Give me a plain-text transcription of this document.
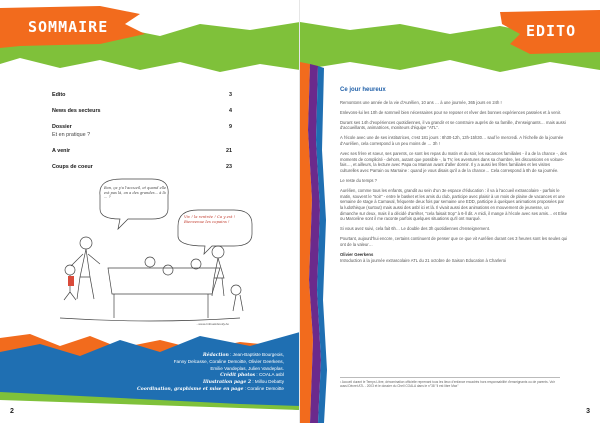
SOMMAIRE
Edito	3
News des secteurs	4
Dossier	9
Et en pratique ?
A venir	21
Coups de coeur	23
Bon, ça y'a l'accueil, et quand elle est pas là, on a des grandes... à là ... ?
Viv ! la rentrée ! Ca y est ! Bienvenue les copains !
...www.milloudeboutty.be
Rédaction : Jean-Baptiste Bourgeois,
Fanny Delcasse, Coraline Demoitte, Olivier Geerkens,
Emilie Vandeplas, Julien Vandeplas.
Crédit photos : COALA asbl
Illustration page 2 : Millou Debatty
Coordination, graphisme et mise en page : Coraline Demoitte
2
EDITO
Ce jour heureux

Remontons une année de la vie d'Aurélien, 10 ans … à une journée, 365 jours en 24h !

Enlevons-lui les 10h de sommeil bien nécessaires pour se reposer et rêver des bonnes expériences passées et à venir.

Durant ses 14h d'expériences quotidiennes, il va grandir et se construire auprès de sa famille, d'enseignants… mais aussi d'accueillants, animatrices, moniteurs d'équipe "ATL".

A l'école avec une de ses institutrices, c'est 181 jours : 8h30-12h, 13h-15h30… sauf le mercredi. A l'échelle de la journée d'Aurélien, cela correspond à un peu moins de … 3h !

Avec ses frère et soeur, ses parents, ce sont les repas du matin et du soir, les vacances familiales - il a de la chance -, des moments de complicité - dehors, autant que possible -, la TV, les aventures dans sa chambre, les discussions en voiture-fais…, et ailleurs, la lecture avec Papa ou Maman avant d'aller dormir. Il y a aussi les fêtes familiales et les visites culturelles avec Parrain ou Marraine : quand je vous disais qu'il a de la chance… Cela correspond à 8h de sa journée.

Le reste du temps ?

Aurélien, comme tous les enfants, grandit au sein d'un 3e espace d'éducation : il va à l'accueil extrascolaire - parfois le matin, souvent le "soir" - entre le basket et les amis du club, participe avec plaisir à un mois de plaine de vacances et une semaine de stage à Carnaval, fréquente deux fois par semaine une EDD, participe à quelques animations proposées par la ludothèque (surtout) mais aussi des asbl ici et là. Il vivait aussi des animations en mouvement de jeunesse, un dimanche sur deux, mais il a décidé d'arrêter, "cela faisait trop" à 6-ll dit. A midi, il mange à l'école avec ses amis… et Elise ou Marceline sont il me raconte parfois quelques situations qu'il ont marqué.

Si vous avez suivi, cela fait 6h… Le double des 3h quotidiennes d'enseignement.

Pourtant, aujourd'hui encore, certains continuent de penser que ce que vit Aurélien durant ces 3 heures sont les seules qui ont de la valeur…

Olivier Geerkens

Introduction à la journée extrascolaire ATL du 21 octobre de Saison Education à Charleroi

¹ Accueil durant le Temps Libre, dénomination officielle reprenant tous les lieux d'enfance encadrés hors responsabilité d'enseignants ou de parents. Voir aussi Décret ATL - 2003 et le dossier du Chell COALA dans le n°38 "Il est libre Max"
3
